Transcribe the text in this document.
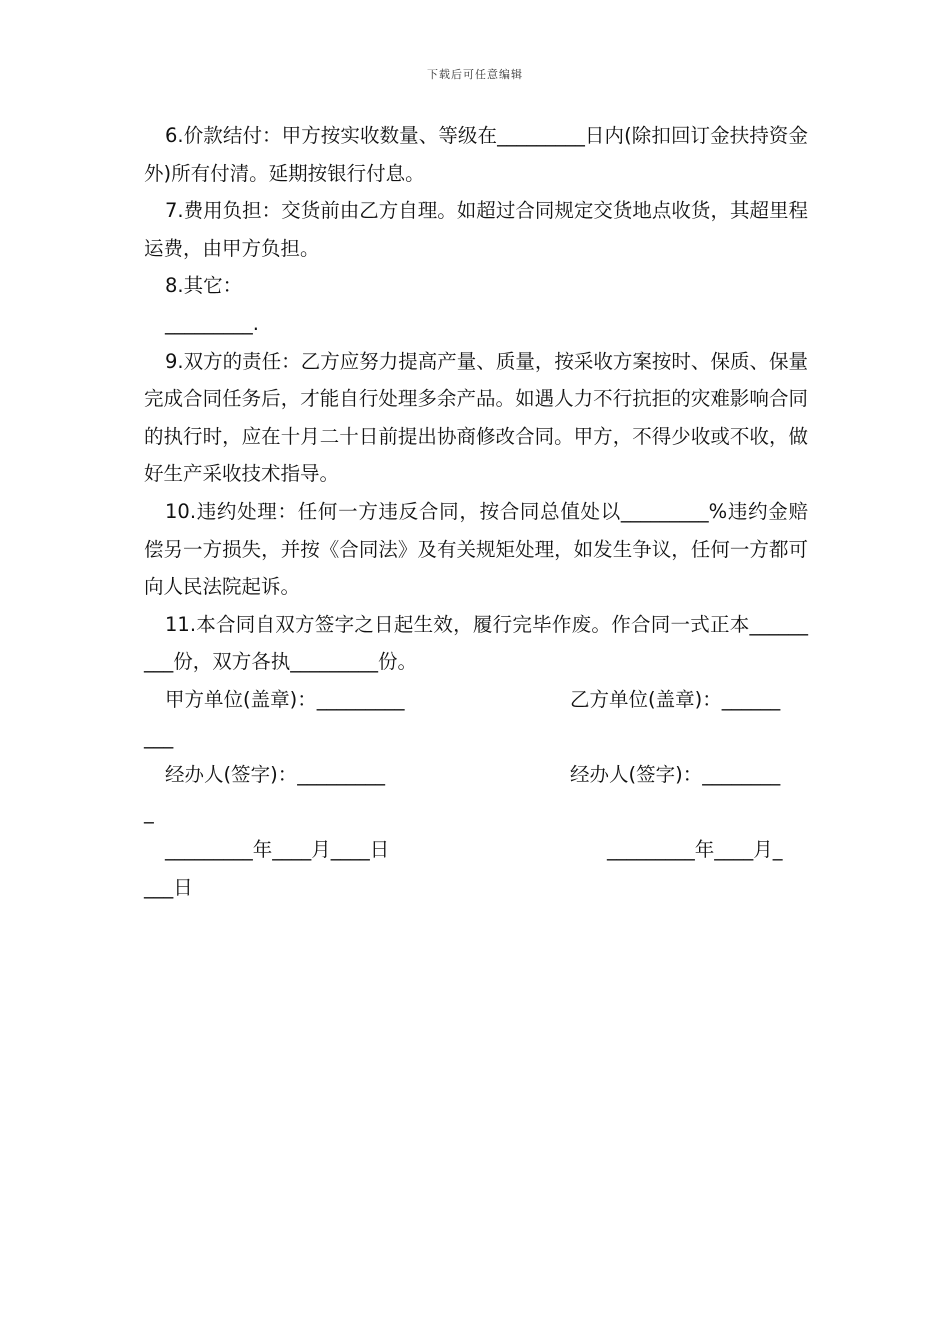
下载后可任意编辑

6.价款结付：甲方按实收数量、等级在_________日内(除扣回订金扶持资金外)所有付清。延期按银行付息。

7.费用负担：交货前由乙方自理。如超过合同规定交货地点收货，其超里程运费，由甲方负担。

8.其它：

_________.

9.双方的责任：乙方应努力提高产量、质量，按采收方案按时、保质、保量完成合同任务后，才能自行处理多余产品。如遇人力不行抗拒的灾难影响合同的执行时，应在十月二十日前提出协商修改合同。甲方，不得少收或不收，做好生产采收技术指导。

10.违约处理：任何一方违反合同，按合同总值处以_________%违约金赔偿另一方损失，并按《合同法》及有关规矩处理，如发生争议，任何一方都可向人民法院起诉。

11.本合同自双方签字之日起生效，履行完毕作废。作合同一式正本_________份，双方各执_________份。

甲方单位(盖章)：_________	乙方单位(盖章)：______
___
经办人(签字)：_________	经办人(签字)：________
_
_________年____月____日	_________年____月_
___日
